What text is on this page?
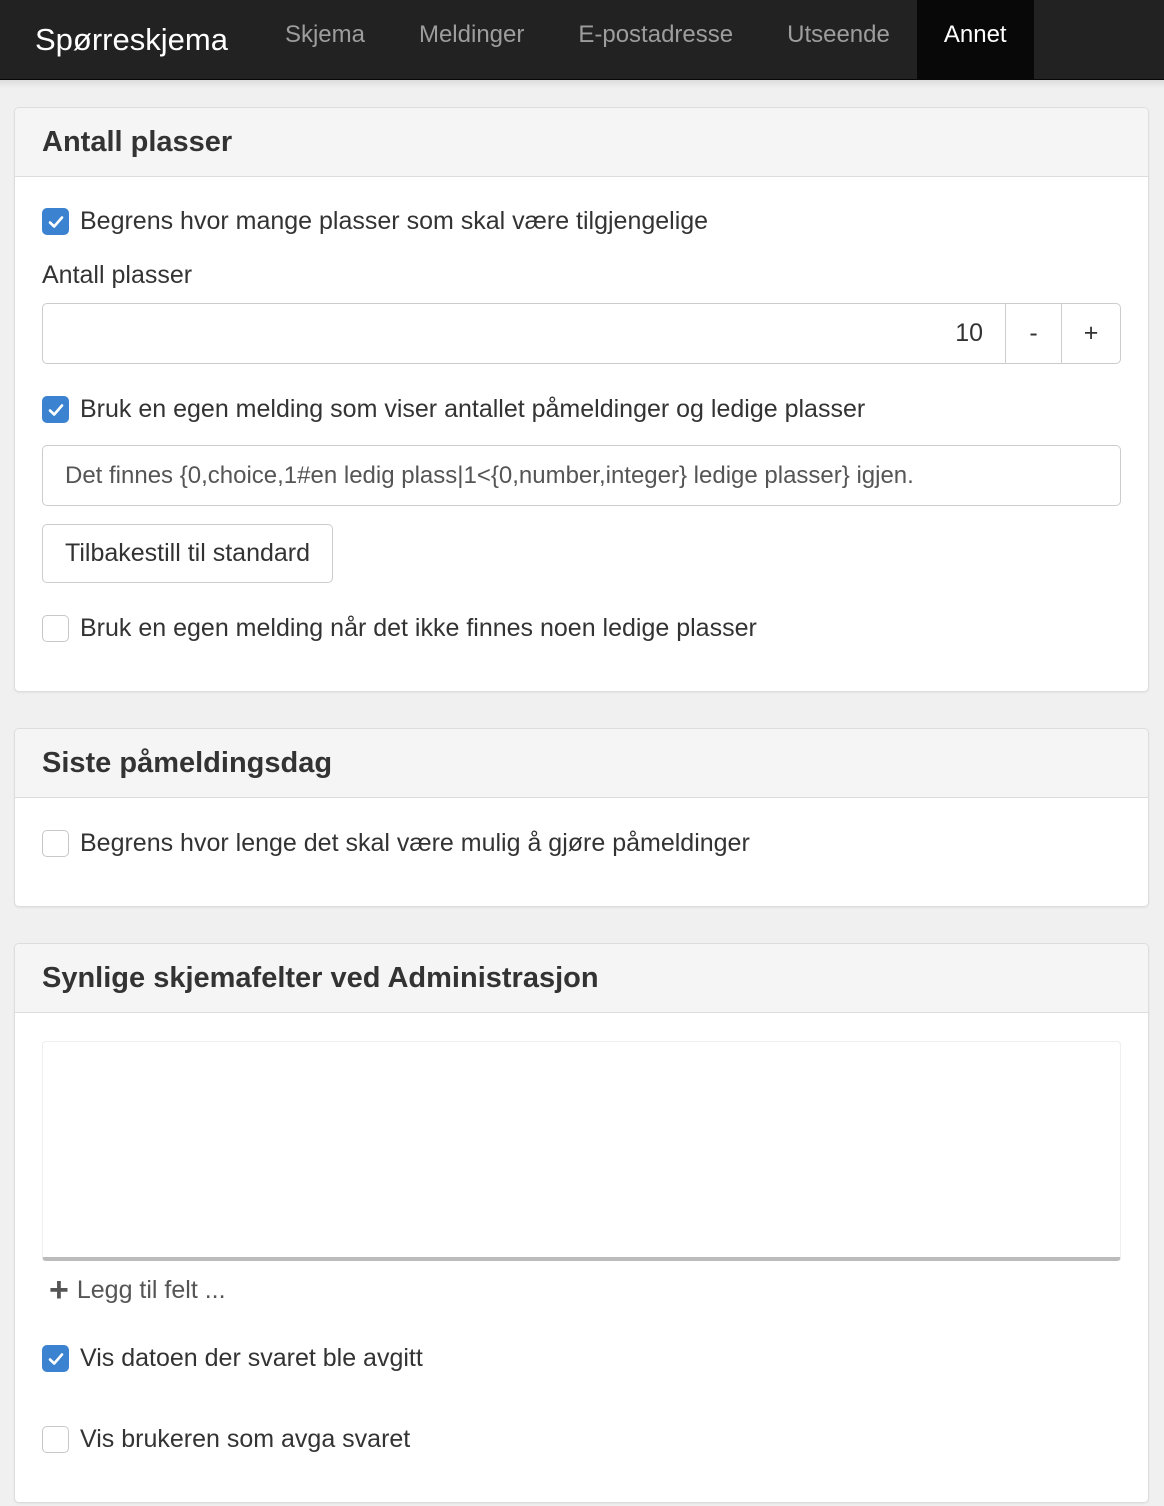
Spørreskjema	Skjema	Meldinger	E-postadresse	Utseende	Annet
Antall plasser
Begrens hvor mange plasser som skal være tilgjengelige
Antall plasser
10
-	+
Bruk en egen melding som viser antallet påmeldinger og ledige plasser
Det finnes {0,choice,1#en ledig plass|1<{0,number,integer} ledige plasser} igjen.
Tilbakestill til standard
Bruk en egen melding når det ikke finnes noen ledige plasser
Siste påmeldingsdag
Begrens hvor lenge det skal være mulig å gjøre påmeldinger
Synlige skjemafelter ved Administrasjon
+ Legg til felt ...
Vis datoen der svaret ble avgitt
Vis brukeren som avga svaret
